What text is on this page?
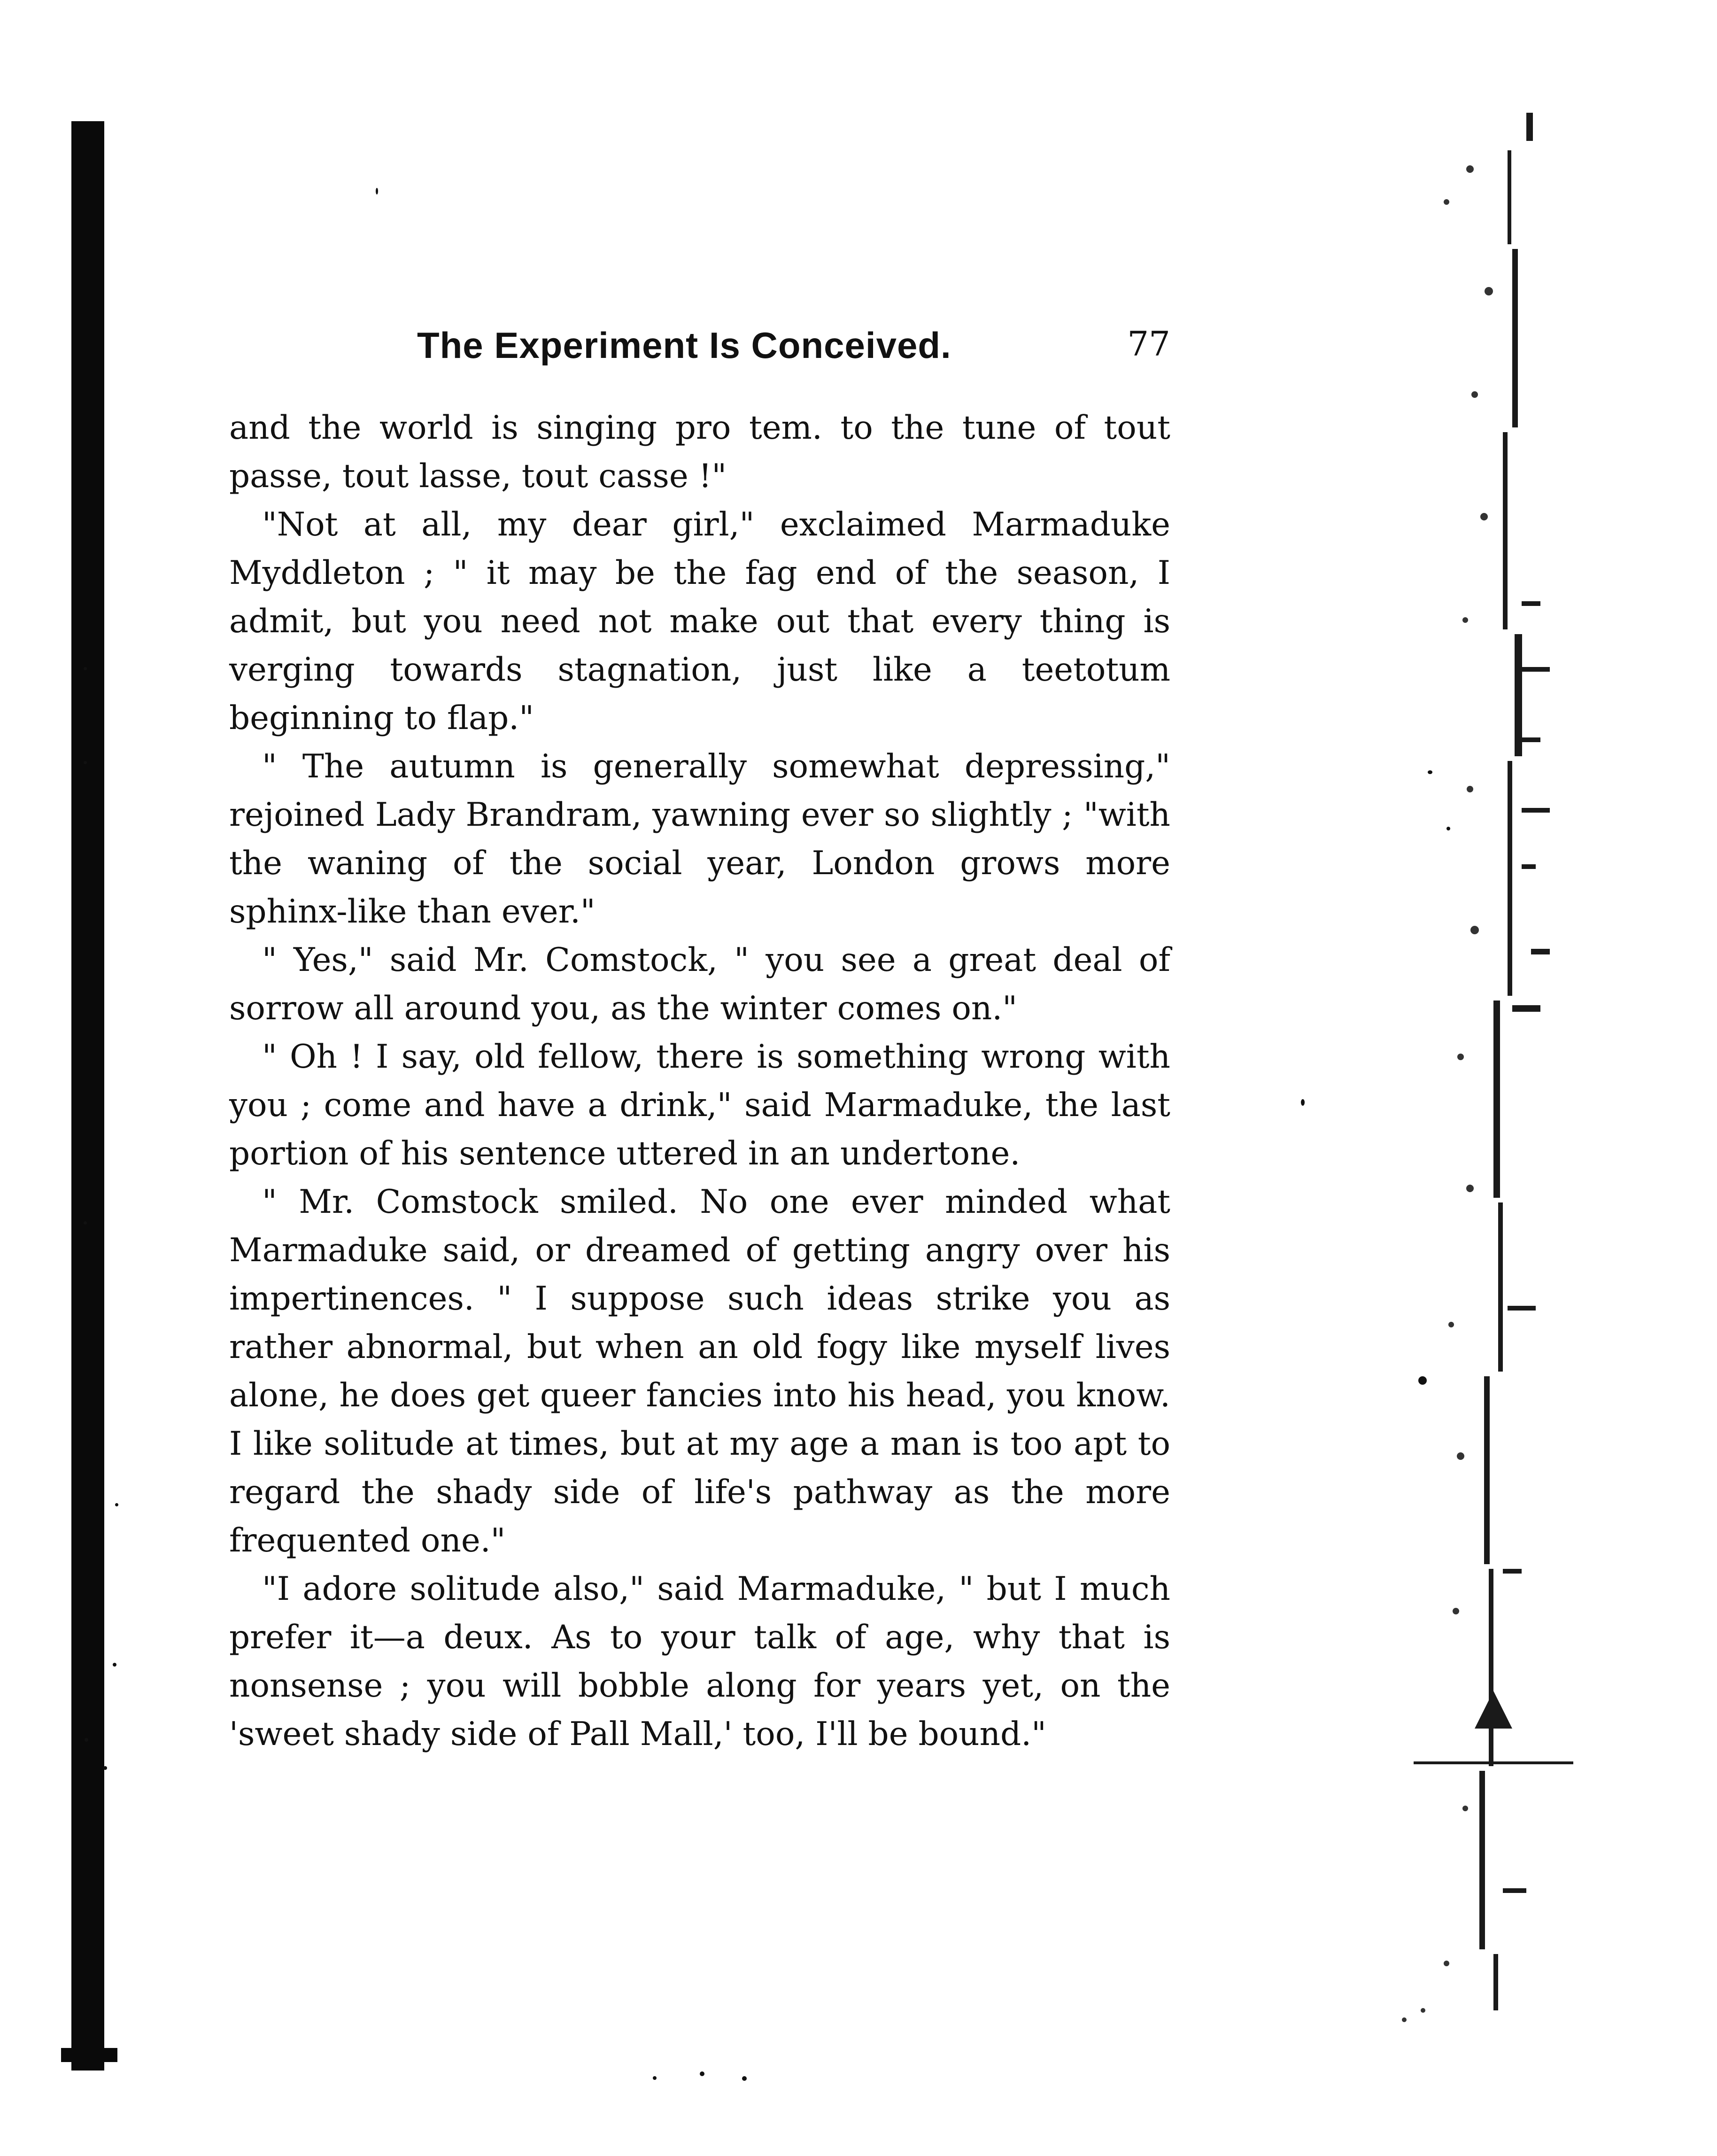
The Experiment Is Conceived.	77

and the world is singing pro tem. to the tune of tout passe, tout lasse, tout casse !"

"Not at all, my dear girl," exclaimed Marmaduke Myddleton ; " it may be the fag end of the season, I admit, but you need not make out that every thing is verging towards stagnation, just like a teetotum beginning to flap."

" The autumn is generally somewhat depressing," rejoined Lady Brandram, yawning ever so slightly ; "with the waning of the social year, London grows more sphinx-like than ever."

" Yes," said Mr. Comstock, " you see a great deal of sorrow all around you, as the winter comes on."

" Oh ! I say, old fellow, there is something wrong with you ; come and have a drink," said Marmaduke, the last portion of his sentence uttered in an undertone.

" Mr. Comstock smiled. No one ever minded what Marmaduke said, or dreamed of getting angry over his impertinences. " I suppose such ideas strike you as rather abnormal, but when an old fogy like myself lives alone, he does get queer fancies into his head, you know. I like solitude at times, but at my age a man is too apt to regard the shady side of life's pathway as the more frequented one."

"I adore solitude also," said Marmaduke, " but I much prefer it—a deux. As to your talk of age, why that is nonsense ; you will bobble along for years yet, on the 'sweet shady side of Pall Mall,' too, I'll be bound."
